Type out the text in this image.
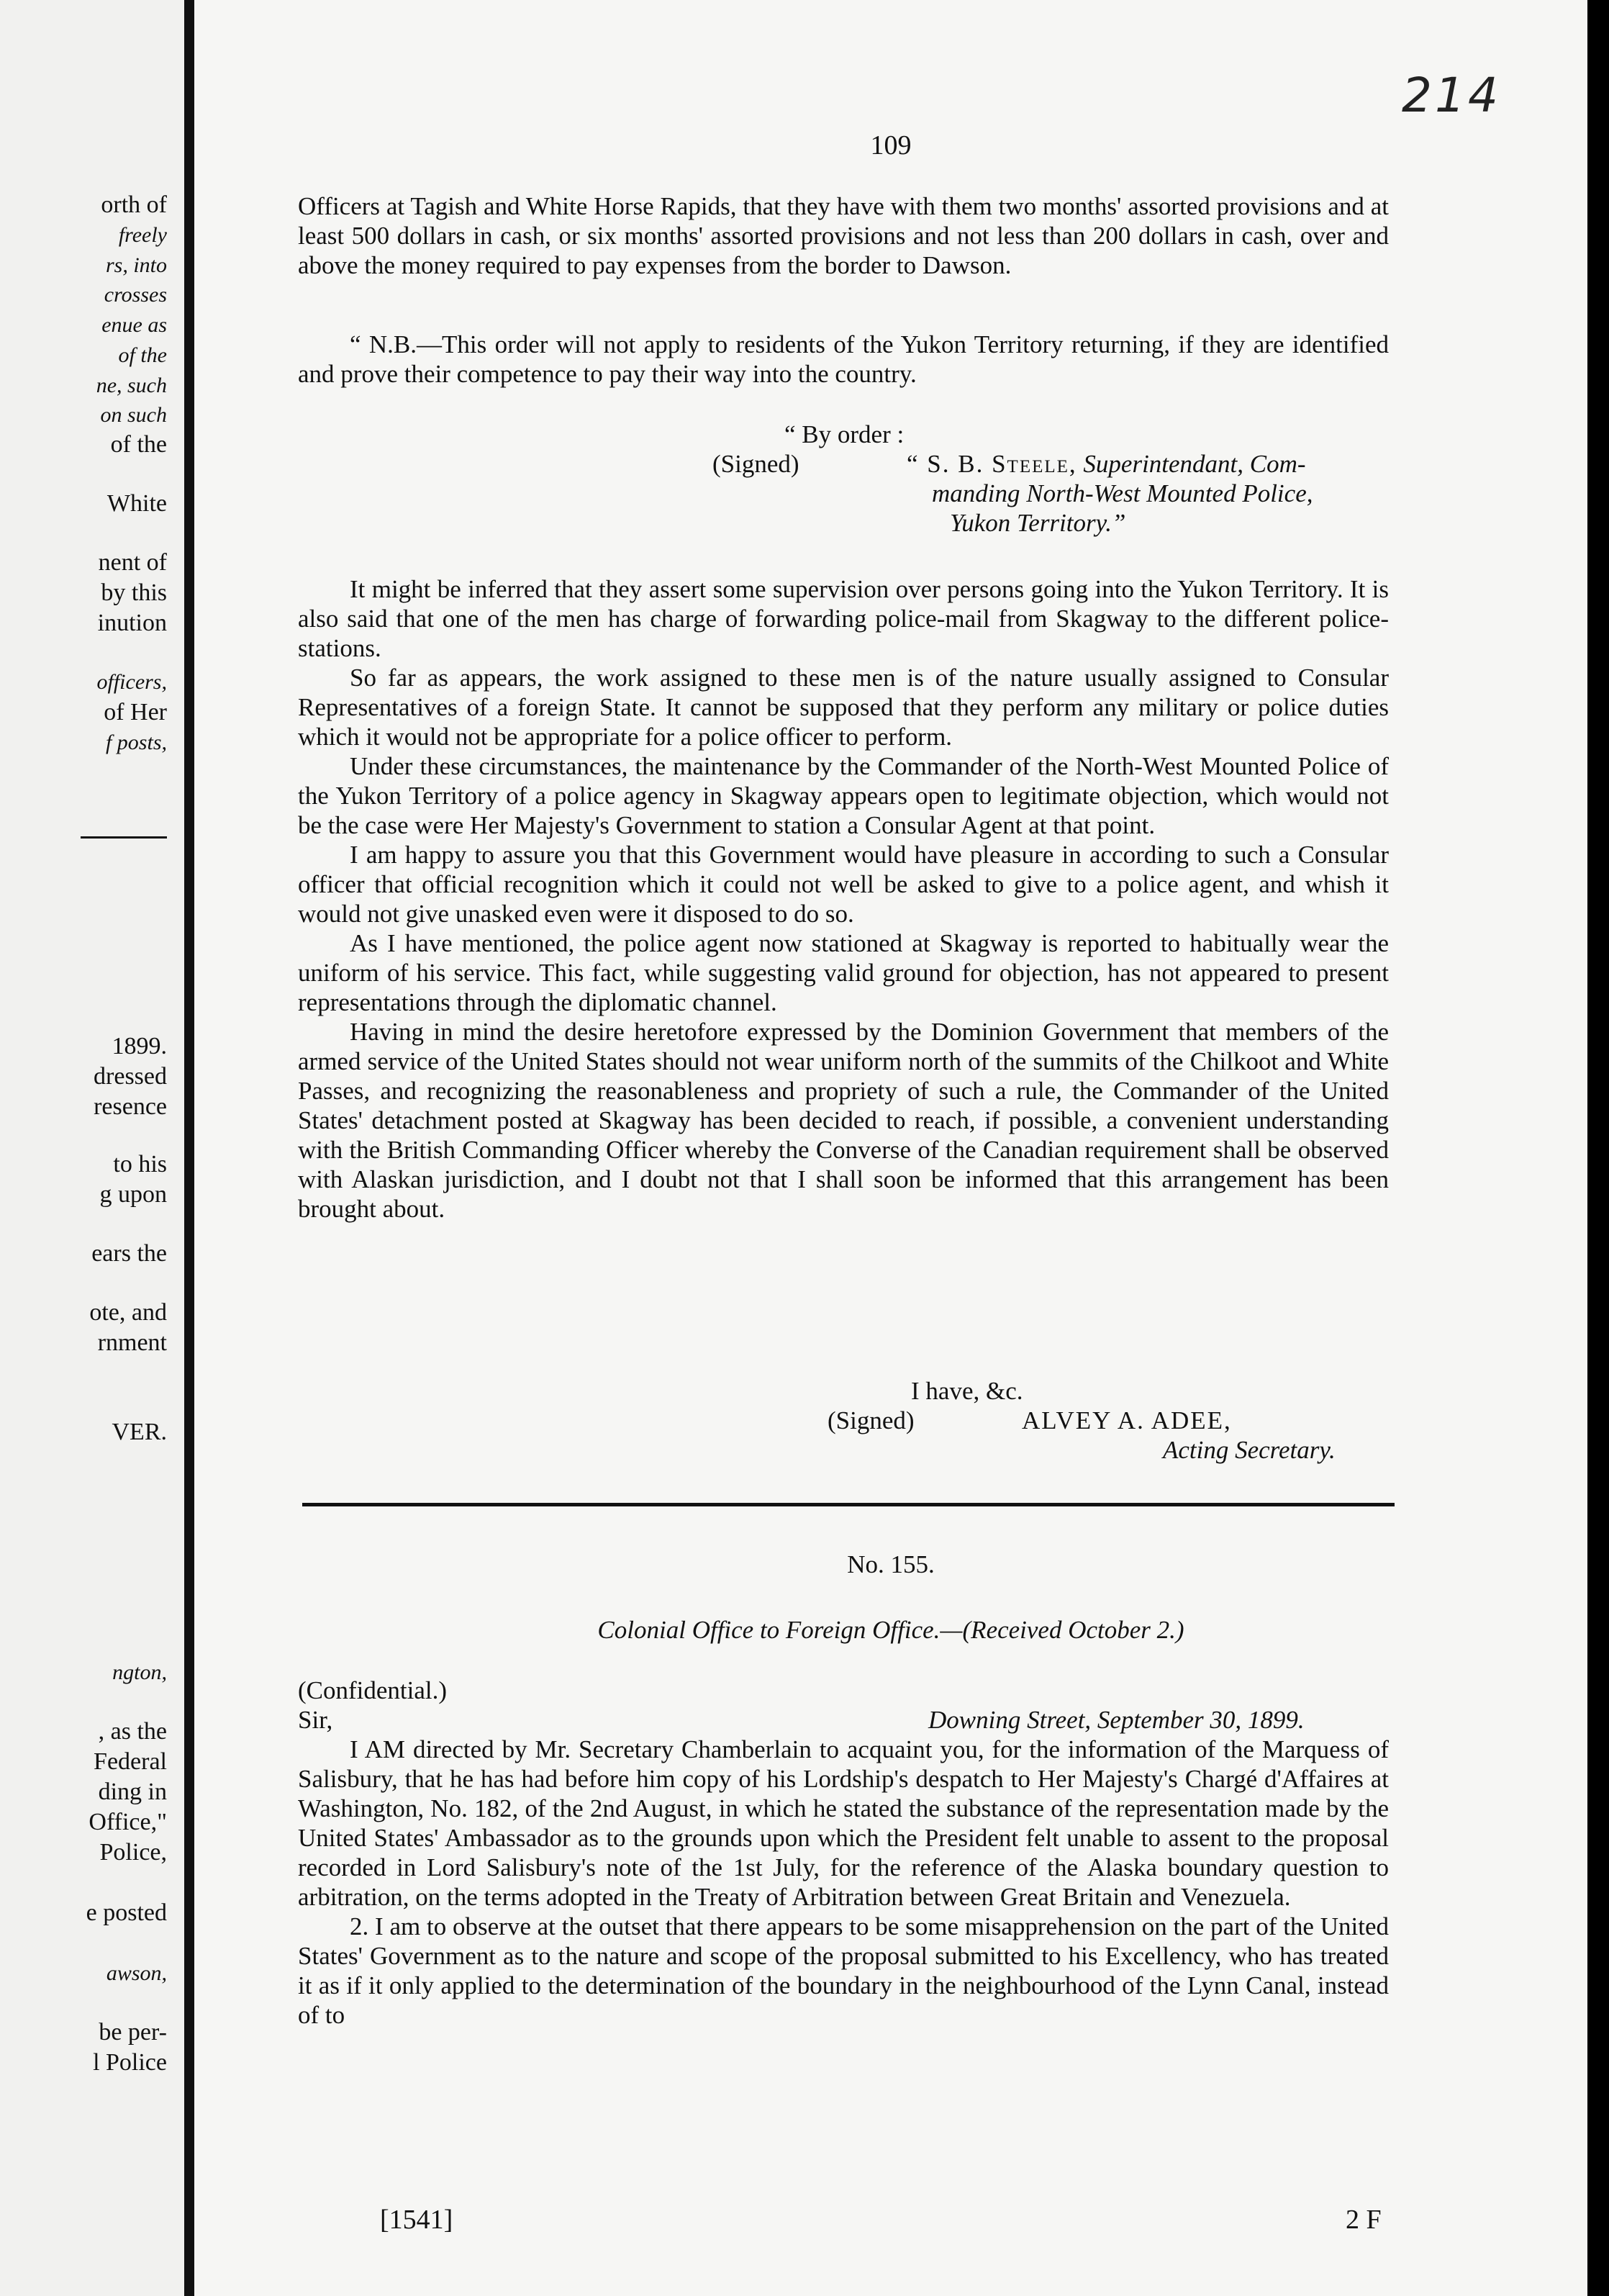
orth of
freely
rs, into
crosses
enue as
of the
ne, such
on such
of the
White
nent of
by this
inution
officers,
of Her
f posts,
1899.
dressed
resence
to his
g upon
ears the
ote, and
rnment
VER.
ngton,
, as the
Federal
ding in
Office,"
Police,
e posted
awson,
be per-
l Police
214
109

Officers at Tagish and White Horse Rapids, that they have with them two months' assorted provisions and at least 500 dollars in cash, or six months' assorted provisions and not less than 200 dollars in cash, over and above the money required to pay expenses from the border to Dawson.

“ N.B.—This order will not apply to residents of the Yukon Territory returning, if they are identified and prove their competence to pay their way into the country.

“ By order :
(Signed)	“ S. B. Steele, Superintendant, Com-
manding North-West Mounted Police,
Yukon Territory.”

It might be inferred that they assert some supervision over persons going into the Yukon Territory. It is also said that one of the men has charge of forwarding police-mail from Skagway to the different police-stations.

So far as appears, the work assigned to these men is of the nature usually assigned to Consular Representatives of a foreign State. It cannot be supposed that they perform any military or police duties which it would not be appropriate for a police officer to perform.

Under these circumstances, the maintenance by the Commander of the North-West Mounted Police of the Yukon Territory of a police agency in Skagway appears open to legitimate objection, which would not be the case were Her Majesty's Government to station a Consular Agent at that point.

I am happy to assure you that this Government would have pleasure in according to such a Consular officer that official recognition which it could not well be asked to give to a police agent, and whish it would not give unasked even were it disposed to do so.

As I have mentioned, the police agent now stationed at Skagway is reported to habitually wear the uniform of his service. This fact, while suggesting valid ground for objection, has not appeared to present representations through the diplomatic channel.

Having in mind the desire heretofore expressed by the Dominion Government that members of the armed service of the United States should not wear uniform north of the summits of the Chilkoot and White Passes, and recognizing the reasonableness and propriety of such a rule, the Commander of the United States' detachment posted at Skagway has been decided to reach, if possible, a convenient understanding with the British Commanding Officer whereby the Converse of the Canadian requirement shall be observed with Alaskan jurisdiction, and I doubt not that I shall soon be informed that this arrangement has been brought about.

I have, &c.
(Signed)	ALVEY A. ADEE,
Acting Secretary.
No. 155.
Colonial Office to Foreign Office.—(Received October 2.)
(Confidential.)
Sir,	Downing Street, September 30, 1899.

I AM directed by Mr. Secretary Chamberlain to acquaint you, for the information of the Marquess of Salisbury, that he has had before him copy of his Lordship's despatch to Her Majesty's Chargé d'Affaires at Washington, No. 182, of the 2nd August, in which he stated the substance of the representation made by the United States' Ambassador as to the grounds upon which the President felt unable to assent to the proposal recorded in Lord Salisbury's note of the 1st July, for the reference of the Alaska boundary question to arbitration, on the terms adopted in the Treaty of Arbitration between Great Britain and Venezuela.

2. I am to observe at the outset that there appears to be some misapprehension on the part of the United States' Government as to the nature and scope of the proposal submitted to his Excellency, who has treated it as if it only applied to the determination of the boundary in the neighbourhood of the Lynn Canal, instead of to

[1541]	2 F
